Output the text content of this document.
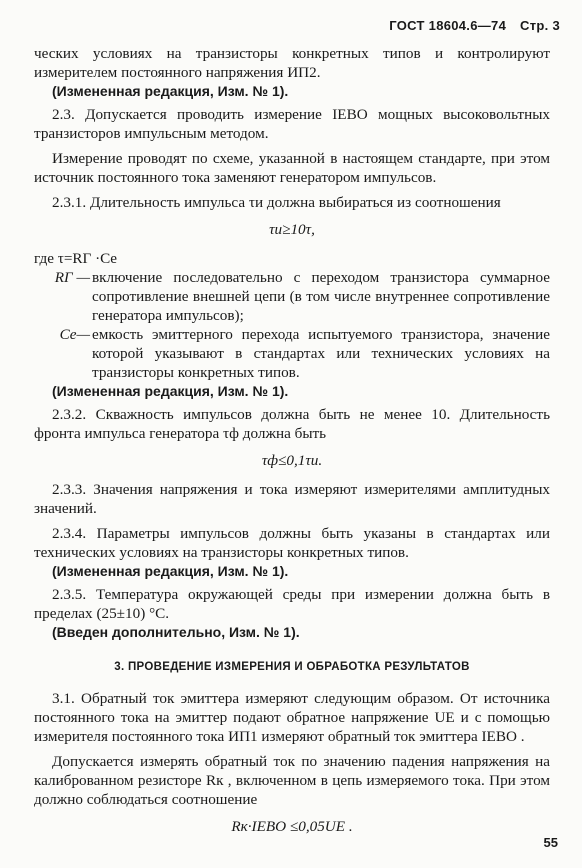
ГОСТ 18604.6—74 Стр. 3

ческих условиях на транзисторы конкретных типов и контролируют измерителем постоянного напряжения ИП2.

(Измененная редакция, Изм. № 1).

2.3. Допускается проводить измерение IEBO мощных высоковольтных транзисторов импульсным методом.

Измерение проводят по схеме, указанной в настоящем стандарте, при этом источник постоянного тока заменяют генератором импульсов.

2.3.1. Длительность импульса τи должна выбираться из соотношения

τи≥10τ,

где τ=RГ ·Cе

RГ — включение последовательно с переходом транзистора суммарное сопротивление внешней цепи (в том числе внутреннее сопротивление генератора импульсов);
Cе— емкость эмиттерного перехода испытуемого транзистора, значение которой указывают в стандартах или технических условиях на транзисторы конкретных типов.

(Измененная редакция, Изм. № 1).

2.3.2. Скважность импульсов должна быть не менее 10. Длительность фронта импульса генератора τф должна быть

τф≤0,1τи.

2.3.3. Значения напряжения и тока измеряют измерителями амплитудных значений.

2.3.4. Параметры импульсов должны быть указаны в стандартах или технических условиях на транзисторы конкретных типов.

(Измененная редакция, Изм. № 1).

2.3.5. Температура окружающей среды при измерении должна быть в пределах (25±10) °С.

(Введен дополнительно, Изм. № 1).

3. ПРОВЕДЕНИЕ ИЗМЕРЕНИЯ И ОБРАБОТКА РЕЗУЛЬТАТОВ

3.1. Обратный ток эмиттера измеряют следующим образом. От источника постоянного тока на эмиттер подают обратное напряжение UE и с помощью измерителя постоянного тока ИП1 измеряют обратный ток эмиттера IEBO .

Допускается измерять обратный ток по значению падения напряжения на калиброванном резисторе Rк , включенном в цепь измеряемого тока. При этом должно соблюдаться соотношение

Rк·IEBO ≤0,05UE .
55
